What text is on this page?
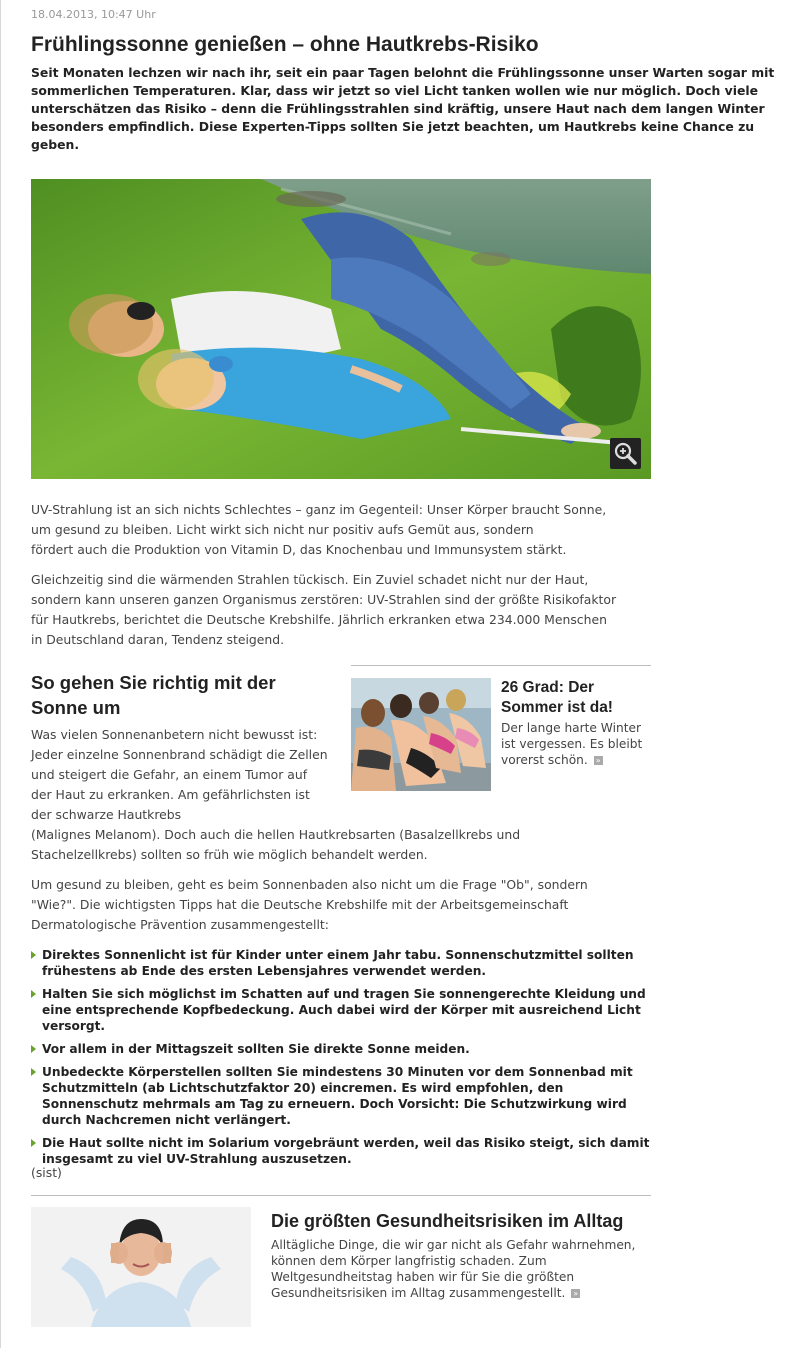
18.04.2013, 10:47 Uhr
Frühlingssonne genießen – ohne Hautkrebs-Risiko

Seit Monaten lechzen wir nach ihr, seit ein paar Tagen belohnt die Frühlingssonne unser Warten sogar mit sommerlichen Temperaturen. Klar, dass wir jetzt so viel Licht tanken wollen wie nur möglich. Doch viele unterschätzen das Risiko – denn die Frühlingsstrahlen sind kräftig, unsere Haut nach dem langen Winter besonders empfindlich. Diese Experten-Tipps sollten Sie jetzt beachten, um Hautkrebs keine Chance zu geben.

UV-Strahlung ist an sich nichts Schlechtes – ganz im Gegenteil: Unser Körper braucht Sonne,
um gesund zu bleiben. Licht wirkt sich nicht nur positiv aufs Gemüt aus, sondern
fördert auch die Produktion von Vitamin D, das Knochenbau und Immunsystem stärkt.

Gleichzeitig sind die wärmenden Strahlen tückisch. Ein Zuviel schadet nicht nur der Haut,
sondern kann unseren ganzen Organismus zerstören: UV-Strahlen sind der größte Risikofaktor
für Hautkrebs, berichtet die Deutsche Krebshilfe. Jährlich erkranken etwa 234.000 Menschen
in Deutschland daran, Tendenz steigend.

26 Grad: Der Sommer ist da!

Der lange harte Winter ist vergessen. Es bleibt vorerst schön. »

So gehen Sie richtig mit der Sonne um

Was vielen Sonnenanbetern nicht bewusst ist: Jeder einzelne Sonnenbrand schädigt die Zellen und steigert die Gefahr, an einem Tumor auf der Haut zu erkranken. Am gefährlichsten ist der schwarze Hautkrebs

(Malignes Melanom). Doch auch die hellen Hautkrebsarten (Basalzellkrebs und
Stachelzellkrebs) sollten so früh wie möglich behandelt werden.

Um gesund zu bleiben, geht es beim Sonnenbaden also nicht um die Frage "Ob", sondern
"Wie?". Die wichtigsten Tipps hat die Deutsche Krebshilfe mit der Arbeitsgemeinschaft
Dermatologische Prävention zusammengestellt:

Direktes Sonnenlicht ist für Kinder unter einem Jahr tabu. Sonnenschutzmittel sollten frühestens ab Ende des ersten Lebensjahres verwendet werden.
Halten Sie sich möglichst im Schatten auf und tragen Sie sonnengerechte Kleidung und eine entsprechende Kopfbedeckung. Auch dabei wird der Körper mit ausreichend Licht versorgt.
Vor allem in der Mittagszeit sollten Sie direkte Sonne meiden.
Unbedeckte Körperstellen sollten Sie mindestens 30 Minuten vor dem Sonnenbad mit Schutzmitteln (ab Lichtschutzfaktor 20) eincremen. Es wird empfohlen, den Sonnenschutz mehrmals am Tag zu erneuern. Doch Vorsicht: Die Schutzwirkung wird durch Nachcremen nicht verlängert.
Die Haut sollte nicht im Solarium vorgebräunt werden, weil das Risiko steigt, sich damit insgesamt zu viel UV-Strahlung auszusetzen.
(sist)
Die größten Gesundheitsrisiken im Alltag

Alltägliche Dinge, die wir gar nicht als Gefahr wahrnehmen, können dem Körper langfristig schaden. Zum Weltgesundheitstag haben wir für Sie die größten Gesundheitsrisiken im Alltag zusammengestellt. »
